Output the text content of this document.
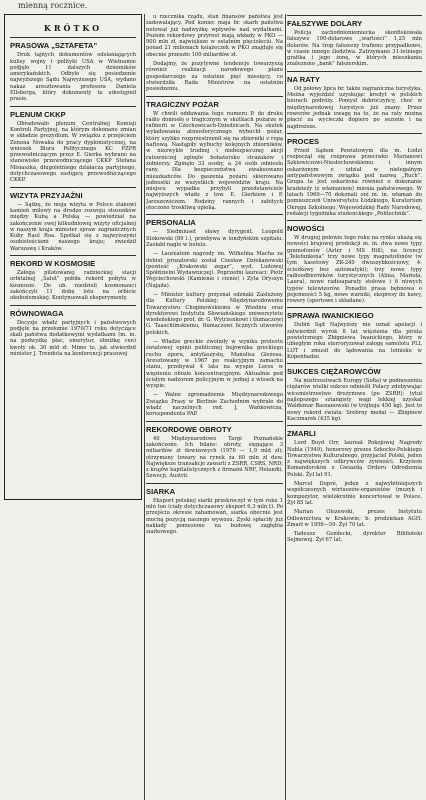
mienną rocznice.
KRÓTKO
PRASOWA „SZTAFETA”

Druk tajnych dokumentów odslaniających kulisy wojny i polityki USA w Wietnamie podjęło 11 dalszych dzienników amerykańskich. Odbyło się posiedzenie najwyższego Sądu Najwyższego USA, wydano nakaz aresztowania profesora Daniela Ellsberga, który dokumenty te udostępnił prasie.

PLENUM CKKP

Obradowało plenum Centralnej Komisji Kontroli Partyjnej, na którym dokonano zmian w składzie prezydium. W związku z przejściem Zenona Nowaka do pracy dyplomatycznej, na wniosek Biura Politycznego KC PZPR przewodniczącym przez E. Gierka wybrano na stanowisko przewodniczącego CKKP Stefana Misiaszka, długoletniego działacza partyjnego, dotychczasowego zastępcę przewodniczącego CKKP.

WIZYTA PRZYJAŹNI

— Sądzę, że moja wizyta w Polsce stanowi kamień milowy na drodze rozwoju stosunków między Kubą a Polską — powiedział na zakończenie swej kilkudniowej wizyty oficjalnej w naszym kraju minister spraw zagranicznych Kuby Raul Roa. Spotkał się z najwyższymi osobistościami naszego kraju; zwiedził Warszawę i Kraków.

REKORD W KOSMOSIE

Załoga pilotowanej radzieckiej stacji orbitalnej „Salut” pobiła rekord pobytu w kosmosie. Do ub. niedzieli kosmonauci zakończyli 11 dobę lotu na orbicie okołoziemskiej. Kontynuowali eksperymenty.

RÓWNOWAGA

Decyzje władz partyjnych i państwowych podjęte na przełomie 1970/71 roku dotyczące skali państwa dodatkowymi wydatkami (m. in. na podwyżkę płac, emerytur, obniżkę cen) kwoty ok. 30 mld zł. Mimo to, jak stwierdził minister J. Trendota na konferencji prasowej

u rzecznika rządu, stan finansów państwa jest zadowalający. Pod koniec maja br. skarb państwa notował już nadwyżkę wpływów nad wydatkami. Poziom rekordowy przyrost mają wkłady w PKO — 900 mln zł, największe w ostatnim pięcioleciu. Na ponad 21 milionach książeczek w PKO znajduje się obecnie przeszło 100 miliardów zł.

Dodajmy, że pozytywne tendencje towarzyszą również realizacji narodowego planu gospodarczego za ostatnie pięć miesięcy, co stwierdziła Rada Ministrów na ostatnim posiedzeniu.

TRAGICZNY POŻAR

W chwili oddawania tego numeru P. do druku radio doniosło o tragicznym w skutkach pożarze w rafinerii w Czechowicach-Dziedzicach. Na skutek wyładowania atmosferycznego wybuchł pożar, który szybko rozprzestrzenił się na zbiorniki z ropą naftową. Nastąpiły wybuchy kolejnych zbiorników, w niezwykle trudnej i niebezpiecznej akcji ratowniczej zginęło bohatersko strażaków i żołnierzy. Zginęło 33 osoby, a 24 osób odniosło rany. Dla bezpieczeństwa ewakuowano mieszkańców. Do gaszenia pożaru skierowano jednostki ze wszystkich województw kraju. Na miejsce wypadku przybyli przedstawiciele najwyższych władz z tow. E. Gierkiem i P. Jaroszewiczem. Rodziny rannych i zabitych otoczono troskliwą opieką.

PERSONALIA

— Siedmiuset sławy dyrygent. Leopold Stokowski (89 l.), przebywa w londyńskim szpitalu. Zasłabł nagle w hotelu.

— Laureatem nagrody im. Wilhelma Macha za debiut prozatorski został Czesław Dziekanowski (powieść „Krakowski zegar”, wyd. Ludowej Spółdzielni Wydawniczej). Poprzedni laureaci: Piotr Wojciechowski (Kamienie i cienie) i Zyta Oryszyn (Najada).

— Minister kultury przyznał odznaki Zasłużony dla Kultury Polskiej: Międzynarodowemu Towarzystwu Chopinowskiemu w Wiedniu oraz dyrektorowi Instytutu Słowiańskiego uniwersytetu wiedeńskiego prof. dr. G. Wytrzenkowi i tłumaczowi G. Taaschlinskiemu, tłumaczowi licznych utworów polskich.

— Władze greckie zwolniły w wyniku protestu światowej opinii publicznej bojownika greckiego ruchu oporu, antyfaszystę, Manolisa Glezosa. Aresztowany w 1967 po reakcyjnym zamachu stanu, przebywał 4 lata na wyspie Leros w więzieniu obozie koncentracyjnym. Aktualnie pod ścisłym nadzorem policyjnym w jednej z wiosek na wyspie.

— Walne zgromadzenie Międzynarodowego Związku Prasy w Berlinie Zachodnim wybrało do władz naczelnych red. J. Wańkowicza, korespondenta PAP.

REKORDOWE OBROTY

40 Międzynarodowe Targi Poznańskie zakończono. Ich bilans: obroty, sięgające 3 miliardów zł dewizowych (1970 — 1,9 mld zł); otrzymany towary na rynek za 60 mln zł dew. Największe transakcje zawarli z ZSRR, CSRS, NRD; z krajów kapitalistycznych z firmami NRF, Holandii, Szwecji, Austrii.

SIARKA

Eksport polskiej siarki przekroczył w tym roku 1 mln ton (ciały dotychczasowy eksport 6,3 mln t). Po przejściu okresie zahamowań, siarka obecnie jest mocną pozycją naszego wywozu. Zyski spłaciły już nakłady poniesione na budowę zagłębia siarkowego.

FAŁSZYWE DOLARY

Policja zachodnioniemiecka skonfiskowała fałszywe 100-dolarowe „wartości” 1,25 mln dolarów. Na trop fałszerzy trafiono przypadkowo, w czasie innego śledztwa. Zatrzymano 31-letniego grafika i jego żonę, w których mieszkaniu znaleziono „bank” fałszerskim.

NA RATY

Od połowy lipca br. także zagraniczna turystyka. Można wyjeździć uzyskując kredyt w polskich biurach podróży. Pomysł dobroczyńcy, choć w międzynarodowej turystyce już znany. Przez rowerów jednak uwagę na to, że na raty można płacić za wycieczki dopiero po sezonie i na najdroższe.

PROCES

Przed Sądem Powiatowym dla m. Łodzi rozpoczął się rozprawa przeciwko Marianowi Szkiewiczowi-Niesłochowskiemu i innym oskarżonym o udział w nielegalnym antypaństwowym związku pod nazwą „Ruch”. Grupa ta jest oskarżona również o dokonanie kradzieży (z włamaniem) mienia państwowego. W latach 1969—70 dokonali oni m. in. włamań do pomieszczeń Uniwersytetu Łódzkiego, Kuratorium Okręgu Szkolnego, Wojewódzkiej Rady Narodowej, redakcji tygodnika studenckiego „Politechnik”.

NOWOŚCI

W drugiej połowie tego roku na rynku ukażą się nowości krajowej produkcji m. in. dwa nowe typy gramofonów (Aster i MS Hill), na licencji „Telefunkena” trzy nowe typy magnetofonów (w tym kasetowy ZK-240 dwuszybkościowy, 4-ścieżkowy bez automatyki); trzy nowe typy radioodbiorników turystycznych (Alina, Mariola, Laura), nowe radioaparaty stołowe i 6 nowych typów telewizorów. Ponadto prasa bębnowa o pojemności 5 kg, nowe warniki, ekspresy do kawy, rowery (sportowe i składane).

SPRAWA IWANICKIEGO

Dubiń Sąd Najwyższy nie uznał apelacji i zatwierdził wyrok 8 lat więzienia dla pirata powietrznego Zbigniewa Iwanickiego, który w ubiegłym roku sterroryzował załogę samolotu PLL LOT i zmusił do lądowania na lotnisku w Kopenhadze.

SUKCES CIĘŻAROWCÓW

Na mistrzostwach Europy (Sofia) w podnoszeniu ciężarów wielki sukces odnieśli Polacy zdobywając wicemistrzostwo drużynowe (po ZSRR); tytuł najlepszego sztangisty wagi lekkiej uzyskał Waldemar Baszanowski (w trójboju 450 kg). Jest to nowy rekord świata: Srebrny medal — Zbigniew Kaczmarek (435 kg).

ZMARLI

Lord Boyd Orr, laureat Pokojowej Nagrody Nobla (1949), honorowy prezes Szkocko-Polskiego Towarzystwa Kulturalnego, przyjaciel Polski, jeden z największych odkrywców żywności. Krzyżem Komandorskim z Gwiazdą Orderu Odrodzenia Polski. Żył lat 91.

Marcel Dupré, jeden z najwybitniejszych współczesnych wirtuozów-organistów (muzyk i kompozytor, wielokrotnie koncertował w Polsce. Żył 85 lat.

Marian Olszewski, prezes Instytutu Odlewnictwa w Krakowie; b. prodziekan AGH. Zmarł w 1956—59. Żył 70 lat.

Tadeusz Gozdecki, dyrektor Biblioteki Sejmowej. Żył 67 lat.
